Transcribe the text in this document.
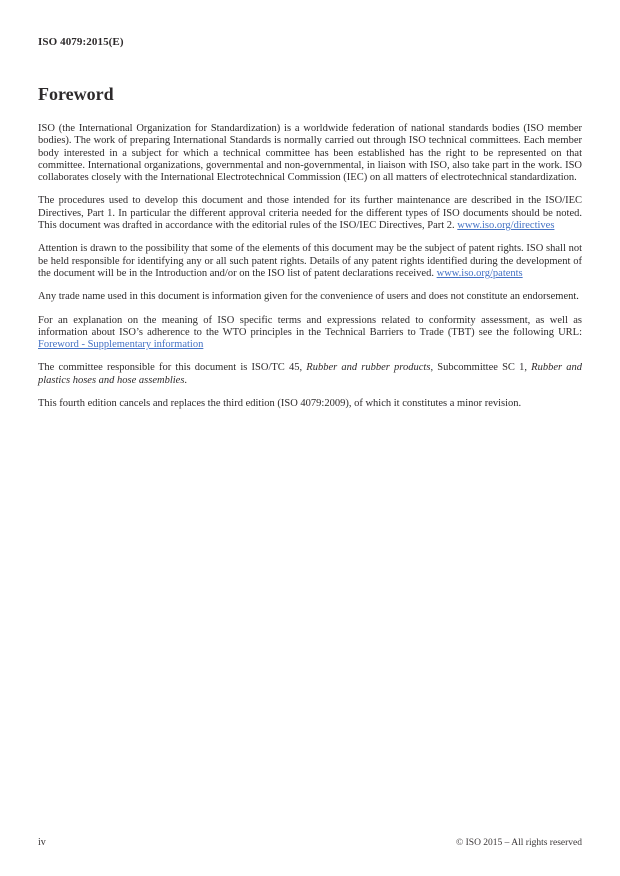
ISO 4079:2015(E)
Foreword

ISO (the International Organization for Standardization) is a worldwide federation of national standards bodies (ISO member bodies). The work of preparing International Standards is normally carried out through ISO technical committees. Each member body interested in a subject for which a technical committee has been established has the right to be represented on that committee. International organizations, governmental and non-governmental, in liaison with ISO, also take part in the work. ISO collaborates closely with the International Electrotechnical Commission (IEC) on all matters of electrotechnical standardization.

The procedures used to develop this document and those intended for its further maintenance are described in the ISO/IEC Directives, Part 1. In particular the different approval criteria needed for the different types of ISO documents should be noted. This document was drafted in accordance with the editorial rules of the ISO/IEC Directives, Part 2. www.iso.org/directives

Attention is drawn to the possibility that some of the elements of this document may be the subject of patent rights. ISO shall not be held responsible for identifying any or all such patent rights. Details of any patent rights identified during the development of the document will be in the Introduction and/or on the ISO list of patent declarations received. www.iso.org/patents

Any trade name used in this document is information given for the convenience of users and does not constitute an endorsement.

For an explanation on the meaning of ISO specific terms and expressions related to conformity assessment, as well as information about ISO’s adherence to the WTO principles in the Technical Barriers to Trade (TBT) see the following URL: Foreword - Supplementary information

The committee responsible for this document is ISO/TC 45, Rubber and rubber products, Subcommittee SC 1, Rubber and plastics hoses and hose assemblies.

This fourth edition cancels and replaces the third edition (ISO 4079:2009), of which it constitutes a minor revision.

iv	© ISO 2015 – All rights reserved
